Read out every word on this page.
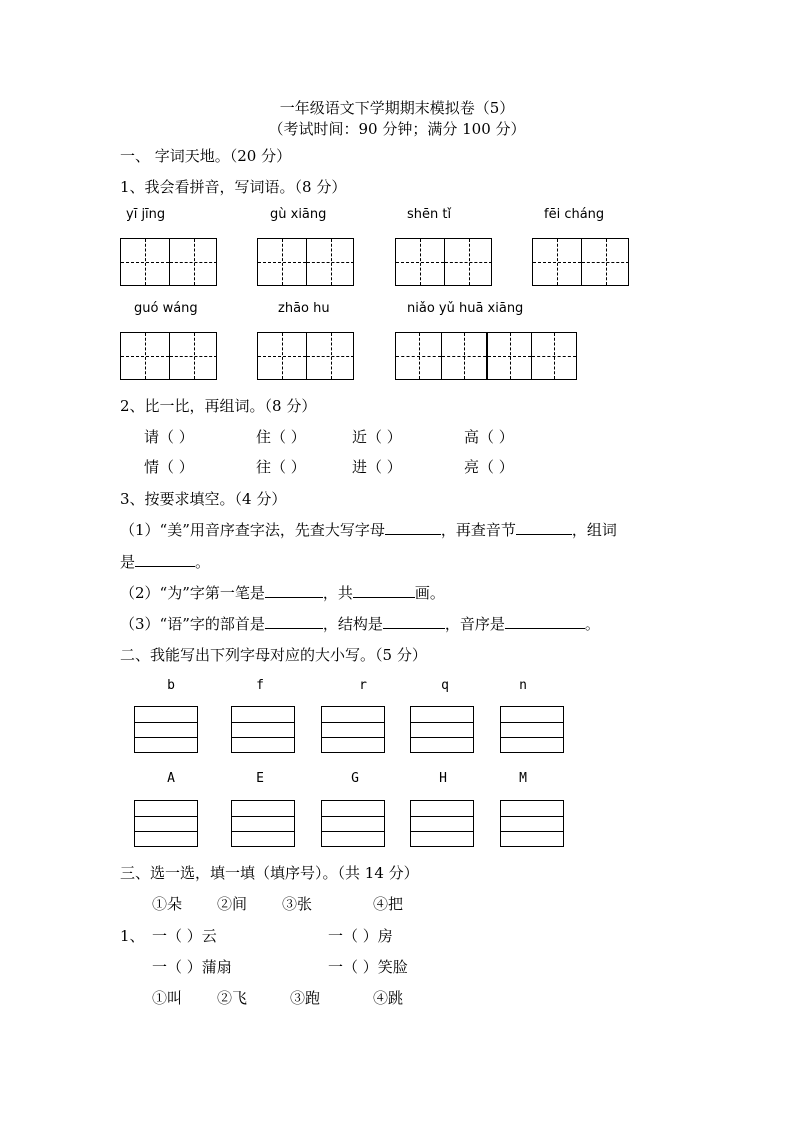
一年级语文下学期期末模拟卷（5）
（考试时间：90 分钟；满分 100 分）
一、 字词天地。（20 分）
1、我会看拼音，写词语。（8 分）
yī jīng	gù xiāng	shēn tǐ	fēi cháng
guó wáng	zhāo hu	niǎo yǔ huā xiāng
2、比一比，再组词。（8 分）
请（ ）	住（ ）	近（ ）	高（ ）
情（ ）	往（ ）	进（ ）	亮（ ）
3、按要求填空。（4 分）
（1）“美”用音序查字法，先查大写字母	，再查音节	，组词
是	。
（2）“为”字第一笔是	，共	画。
（3）“语”字的部首是	，结构是	，音序是	。
二、我能写出下列字母对应的大小写。（5 分）
b	f	r	q	n
A	E	G	H	M
三、选一选，填一填（填序号）。（共 14 分）
①朵 ②间 ③张	④把
1、 一（ ）云	一（ ）房
一（ ）蒲扇	一（ ）笑脸
①叫 ②飞	③跑	④跳
